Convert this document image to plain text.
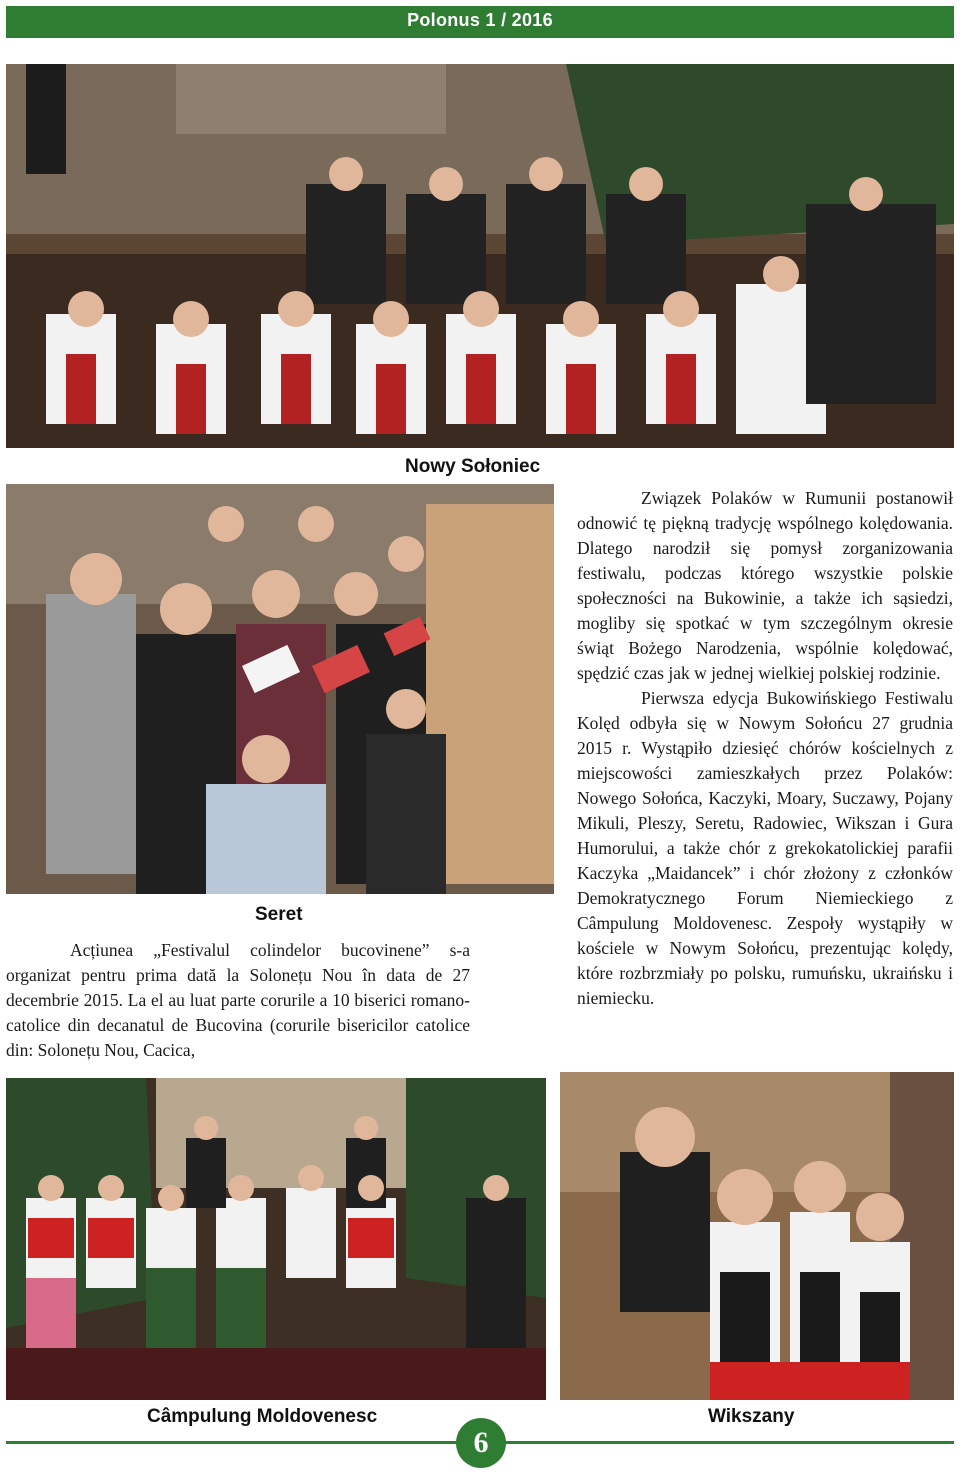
Polonus 1 / 2016
Nowy Sołoniec
Seret

Związek Polaków w Rumunii postanowił odnowić tę piękną tradycję wspólnego kolędowania. Dlatego narodził się pomysł zorganizowania festiwalu, podczas którego wszystkie polskie społeczności na Bukowinie, a także ich sąsiedzi, mogliby się spotkać w tym szczególnym okresie świąt Bożego Narodzenia, wspólnie kolędować, spędzić czas jak w jednej wielkiej polskiej rodzinie.

Pierwsza edycja Bukowińskiego Festiwalu Kolęd odbyła się w Nowym Sołońcu 27 grudnia 2015 r. Wystąpiło dziesięć chórów kościelnych z miejscowości zamieszkałych przez Polaków: Nowego Sołońca, Kaczyki, Moary, Suczawy, Pojany Mikuli, Pleszy, Seretu, Radowiec, Wikszan i Gura Humorului, a także chór z grekokatolickiej parafii Kaczyka „Maidancek” i chór złożony z członków Demokratycznego Forum Niemieckiego z Câmpulung Moldovenesc. Zespoły wystąpiły w kościele w Nowym Sołońcu, prezentując kolędy, które rozbrzmiały po polsku, rumuńsku, ukraińsku i niemiecku.

Acțiunea „Festivalul colindelor bucovinene” s-a organizat pentru prima dată la Solonețu Nou în data de 27 decembrie 2015. La el au luat parte corurile a 10 biserici romano-catolice din decanatul de Bucovina (corurile bisericilor catolice din: Solonețu Nou, Cacica,

Câmpulung Moldovenesc	Wikszany
6
